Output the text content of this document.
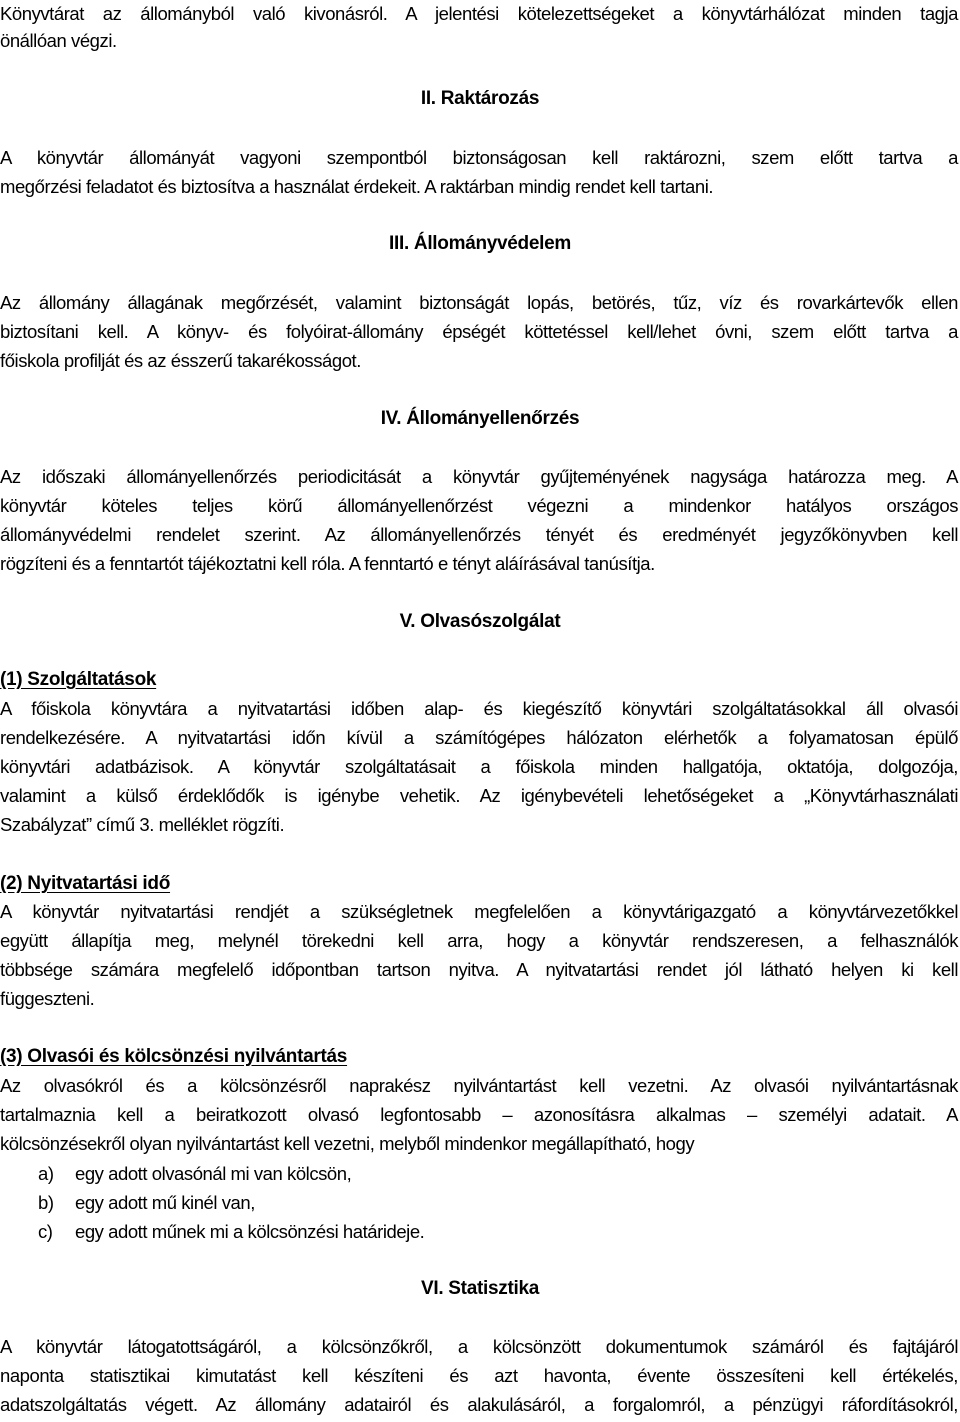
Könyvtárat az állományból való kivonásról. A jelentési kötelezettségeket a könyvtárhálózat minden tagja
önállóan végzi.
II. Raktározás
A könyvtár állományát vagyoni szempontból biztonságosan kell raktározni, szem előtt tartva a
megőrzési feladatot és biztosítva a használat érdekeit. A raktárban mindig rendet kell tartani.
III. Állományvédelem
Az állomány állagának megőrzését, valamint biztonságát lopás, betörés, tűz, víz és rovarkártevők ellen
biztosítani kell. A könyv- és folyóirat-állomány épségét köttetéssel kell/lehet óvni, szem előtt tartva a
főiskola profilját és az ésszerű takarékosságot.
IV. Állományellenőrzés
Az időszaki állományellenőrzés periodicitását a könyvtár gyűjteményének nagysága határozza meg. A
könyvtár köteles teljes körű állományellenőrzést végezni a mindenkor hatályos országos
állományvédelmi rendelet szerint. Az állományellenőrzés tényét és eredményét jegyzőkönyvben kell
rögzíteni és a fenntartót tájékoztatni kell róla. A fenntartó e tényt aláírásával tanúsítja.
V. Olvasószolgálat
(1) Szolgáltatások
A főiskola könyvtára a nyitvatartási időben alap- és kiegészítő könyvtári szolgáltatásokkal áll olvasói
rendelkezésére. A nyitvatartási időn kívül a számítógépes hálózaton elérhetők a folyamatosan épülő
könyvtári adatbázisok. A könyvtár szolgáltatásait a főiskola minden hallgatója, oktatója, dolgozója,
valamint a külső érdeklődők is igénybe vehetik. Az igénybevételi lehetőségeket a „Könyvtárhasználati
Szabályzat” című 3. melléklet rögzíti.
(2) Nyitvatartási idő
A könyvtár nyitvatartási rendjét a szükségletnek megfelelően a könyvtárigazgató a könyvtárvezetőkkel
együtt állapítja meg, melynél törekedni kell arra, hogy a könyvtár rendszeresen, a felhasználók
többsége számára megfelelő időpontban tartson nyitva. A nyitvatartási rendet jól látható helyen ki kell
függeszteni.
(3) Olvasói és kölcsönzési nyilvántartás
Az olvasókról és a kölcsönzésről naprakész nyilvántartást kell vezetni. Az olvasói nyilvántartásnak
tartalmaznia kell a beiratkozott olvasó legfontosabb – azonosításra alkalmas – személyi adatait. A
kölcsönzésekről olyan nyilvántartást kell vezetni, melyből mindenkor megállapítható, hogy
a) egy adott olvasónál mi van kölcsön,
b) egy adott mű kinél van,
c) egy adott műnek mi a kölcsönzési határideje.
VI. Statisztika
A könyvtár látogatottságáról, a kölcsönzőkről, a kölcsönzött dokumentumok számáról és fajtájáról
naponta statisztikai kimutatást kell készíteni és azt havonta, évente összesíteni kell értékelés,
adatszolgáltatás végett. Az állomány adatairól és alakulásáról, a forgalomról, a pénzügyi ráfordításokról,
